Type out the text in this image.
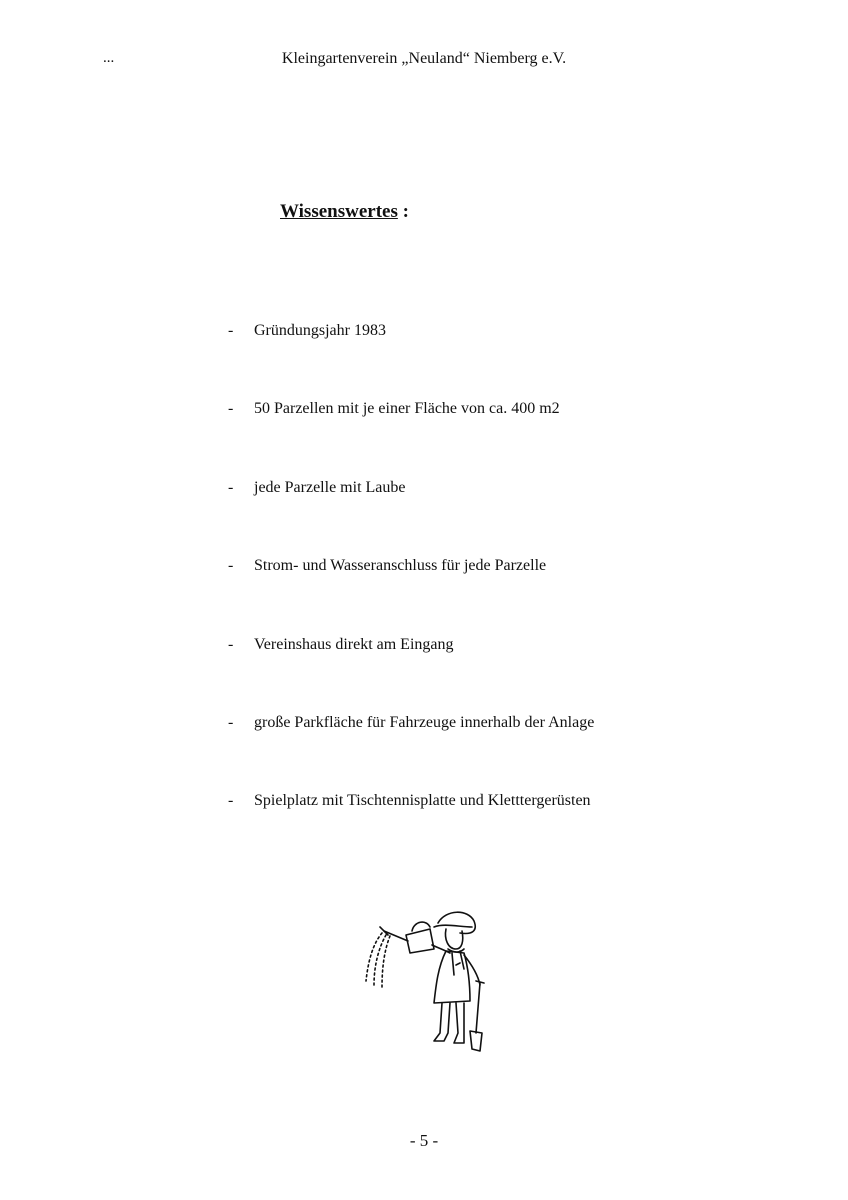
...	Kleingartenverein „Neuland“ Niemberg e.V.
Wissenswertes :
- Gründungsjahr 1983
- 50 Parzellen mit je einer Fläche von ca. 400 m2
- jede Parzelle mit Laube
- Strom- und Wasseranschluss für jede Parzelle
- Vereinshaus direkt am Eingang
- große Parkfläche für Fahrzeuge innerhalb der Anlage
- Spielplatz mit Tischtennisplatte und Kletttergerüsten
- 5 -
